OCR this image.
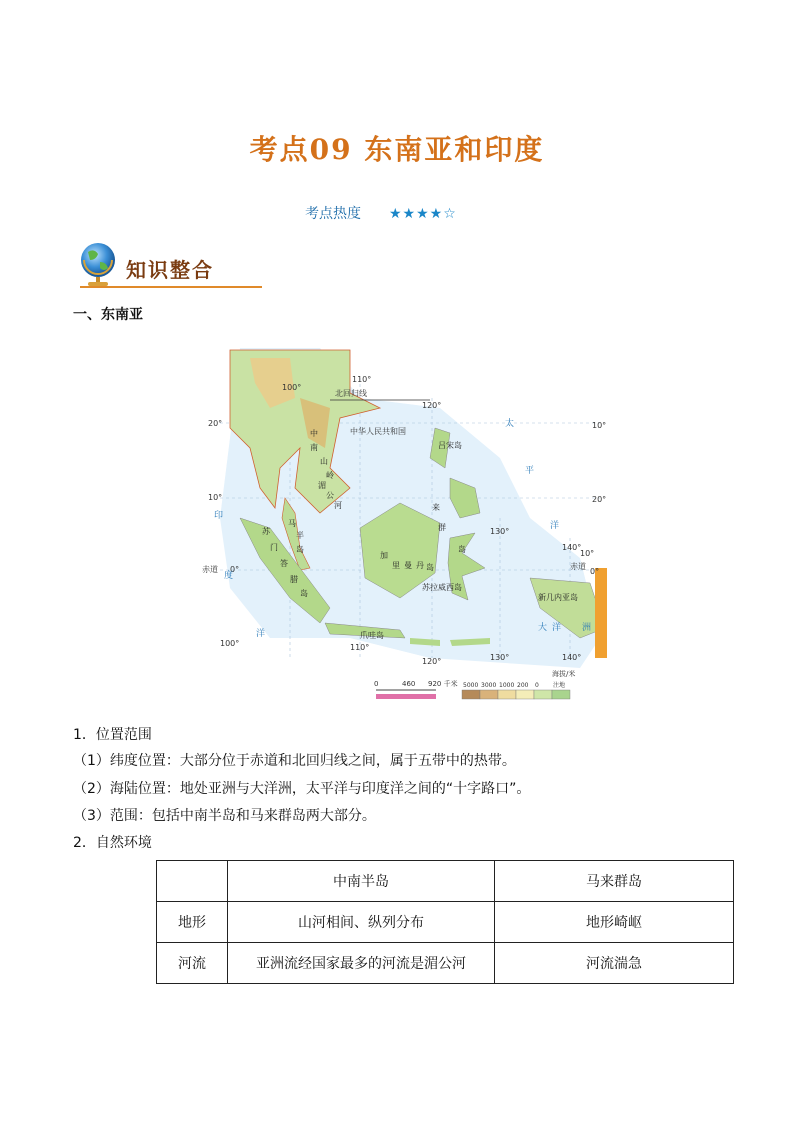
考点09 东南亚和印度
考点热度 ★★★★☆
知识整合
一、东南亚
20°
10°
0°
赤道
10°
20°
10°
0°
赤道
100°
110°
120°
130°
140°
110°
120°	130°	140°
100°
北回归线
中华人民共和国
太
平
洋
印
度
洋
大 洋 洲
中
南
山
岭
马
来
群
岛
吕宋岛
加
里 曼 丹 岛
苏拉威西岛
爪哇岛
新几内亚岛
苏
门
答
腊
岛
半
岛
湄
公
河
0	460 920 千米
海拔/米
5000 3000 1000 200 0 注地
1．位置范围
（1）纬度位置：大部分位于赤道和北回归线之间，属于五带中的热带。
（2）海陆位置：地处亚洲与大洋洲，太平洋与印度洋之间的“十字路口”。
（3）范围：包括中南半岛和马来群岛两大部分。
2．自然环境
	中南半岛	马来群岛
地形	山河相间、纵列分布	地形崎岖
河流	亚洲流经国家最多的河流是湄公河	河流湍急
